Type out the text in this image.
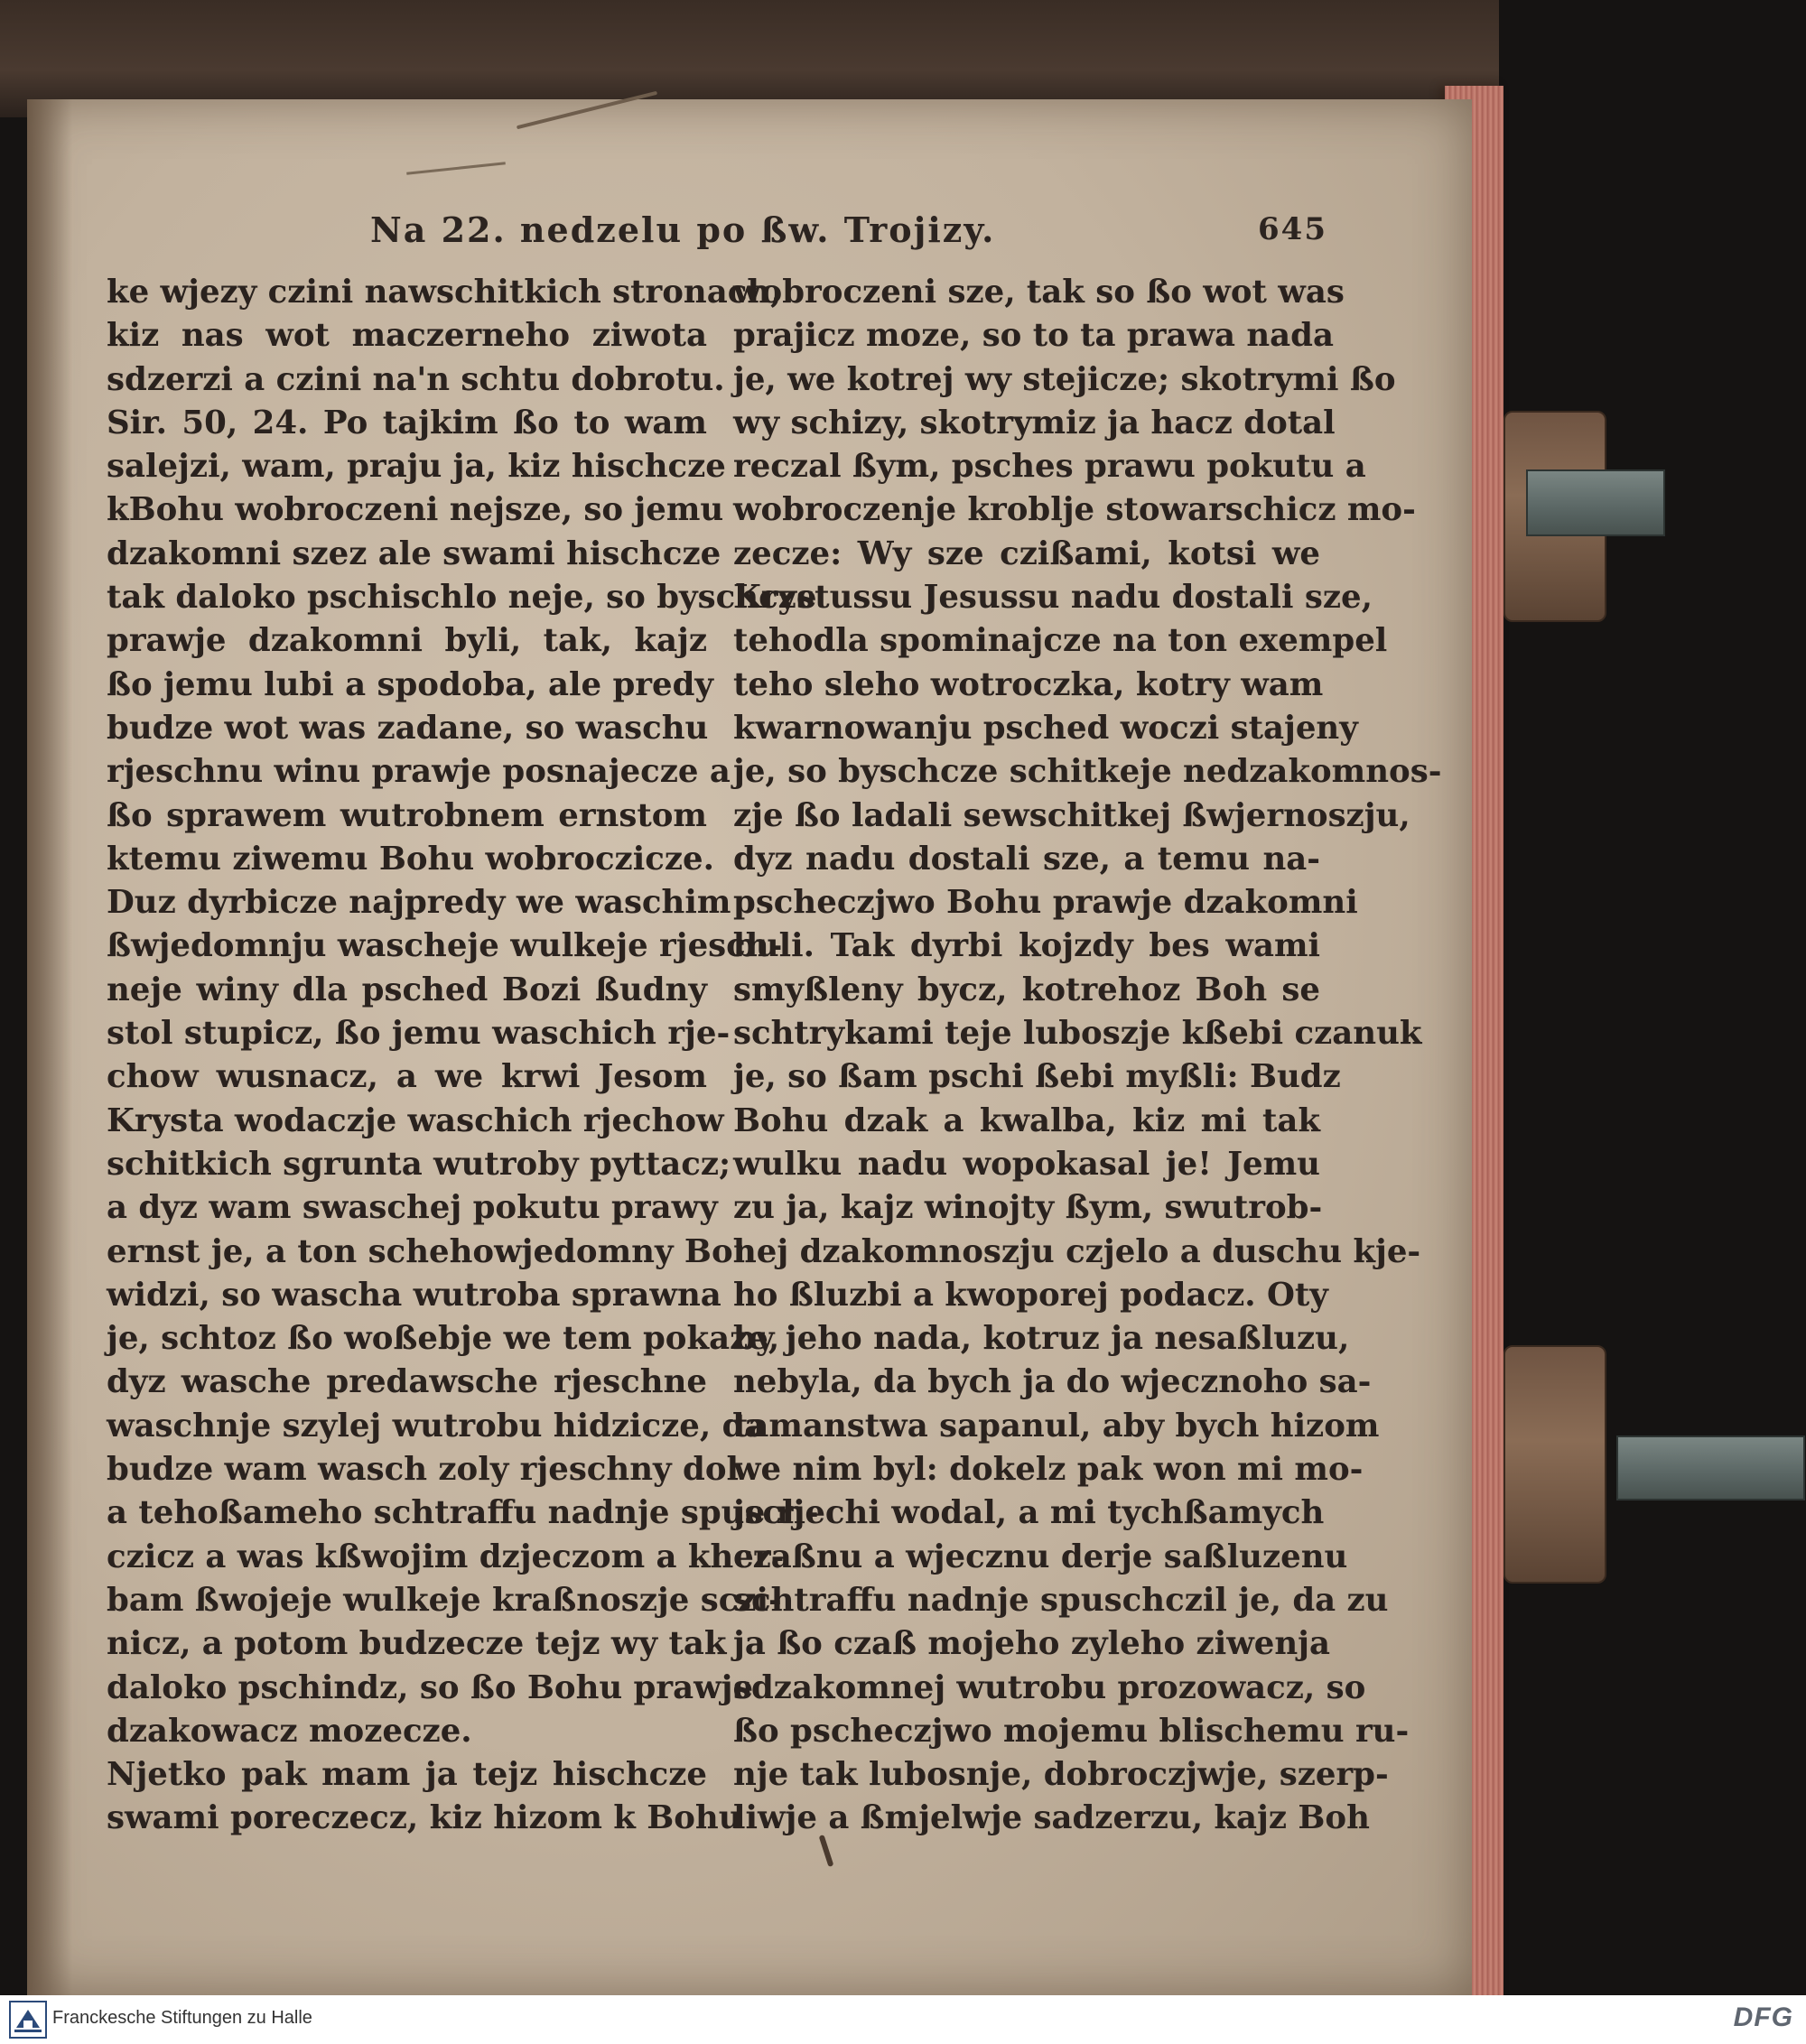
Na 22. nedzelu po ßw. Trojizy.	645
ke wjezy czini nawschitkich stronach,
kiz nas wot maczerneho ziwota
sdzerzi a czini na'n schtu dobrotu.
Sir. 50, 24. Po tajkim ßo to wam
salejzi, wam, praju ja, kiz hischcze
kBohu wobroczeni nejsze, so jemu
dzakomni szez ale swami hischcze
tak daloko pschischlo neje, so byschcze
prawje dzakomni byli, tak, kajz
ßo jemu lubi a spodoba, ale predy
budze wot was zadane, so waschu
rjeschnu winu prawje posnajecze a
ßo sprawem wutrobnem ernstom
ktemu ziwemu Bohu wobroczicze.
Duz dyrbicze najpredy we waschim
ßwjedomnju wascheje wulkeje rjesch-
neje winy dla psched Bozi ßudny
stol stupicz, ßo jemu waschich rje-
chow wusnacz, a we krwi Jesom
Krysta wodaczje waschich rjechow
schitkich sgrunta wutroby pyttacz;
a dyz wam swaschej pokutu prawy
ernst je, a ton schehowjedomny Boh
widzi, so wascha wutroba sprawna
je, schtoz ßo woßebje we tem pokaze,
dyz wasche predawsche rjeschne
waschnje szylej wutrobu hidzicze, da
budze wam wasch zoly rjeschny dol
a tehoßameho schtraffu nadnje spusch-
czicz a was kßwojim dzjeczom a kher-
bam ßwojeje wulkeje kraßnoszje sczi-
nicz, a potom budzecze tejz wy tak
daloko pschindz, so ßo Bohu prawje
dzakowacz mozecze.
Njetko pak mam ja tejz hischcze
swami poreczecz, kiz hizom k Bohu
wobroczeni sze, tak so ßo wot was
prajicz moze, so to ta prawa nada
je, we kotrej wy stejicze; skotrymi ßo
wy schizy, skotrymiz ja hacz dotal
reczal ßym, psches prawu pokutu a
wobroczenje kroblje stowarschicz mo-
zecze: Wy sze czißami, kotsi we
Krystussu Jesussu nadu dostali sze,
tehodla spominajcze na ton exempel
teho sleho wotroczka, kotry wam
kwarnowanju psched woczi stajeny
je, so byschcze schitkeje nedzakomnos-
zje ßo ladali sewschitkej ßwjernoszju,
dyz nadu dostali sze, a temu na-
pscheczjwo Bohu prawje dzakomni
buli. Tak dyrbi kojzdy bes wami
smyßleny bycz, kotrehoz Boh se
schtrykami teje luboszje kßebi czanuk
je, so ßam pschi ßebi myßli: Budz
Bohu dzak a kwalba, kiz mi tak
wulku nadu wopokasal je! Jemu
zu ja, kajz winojty ßym, swutrob-
nej dzakomnoszju czjelo a duschu kje-
ho ßluzbi a kwoporej podacz. Oty
by jeho nada, kotruz ja nesaßluzu,
nebyla, da bych ja do wjecznoho sa-
tamanstwa sapanul, aby bych hizom
we nim byl: dokelz pak won mi mo-
je rjechi wodal, a mi tychßamych
czaßnu a wjecznu derje saßluzenu
schtraffu nadnje spuschczil je, da zu
ja ßo czaß mojeho zyleho ziwenja
sdzakomnej wutrobu prozowacz, so
ßo pscheczjwo mojemu blischemu ru-
nje tak lubosnje, dobroczjwje, szerp-
liwje a ßmjelwje sadzerzu, kajz Boh
Franckesche Stiftungen zu Halle	DFG
